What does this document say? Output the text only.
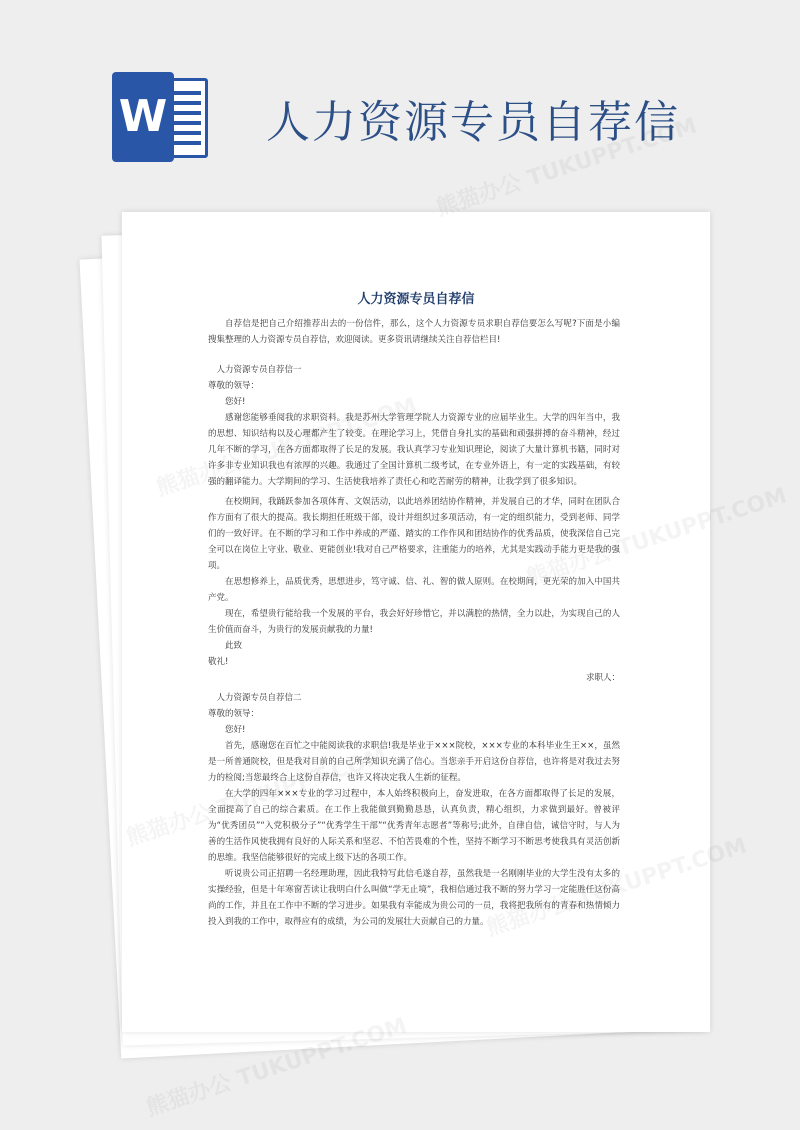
W 人力资源专员自荐信
人力资源专员自荐信

自荐信是把自己介绍推荐出去的一份信件，那么，这个人力资源专员求职自荐信要怎么写呢?下面是小编搜集整理的人力资源专员自荐信，欢迎阅读。更多资讯请继续关注自荐信栏目!

人力资源专员自荐信一

尊敬的领导：

您好!

感谢您能够垂阅我的求职资料。我是苏州大学管理学院人力资源专业的应届毕业生。大学的四年当中，我的思想、知识结构以及心理都产生了较变。在理论学习上，凭借自身扎实的基础和顽强拼搏的奋斗精神，经过几年不断的学习，在各方面都取得了长足的发展。我认真学习专业知识理论，阅读了大量计算机书籍，同时对许多非专业知识我也有浓厚的兴趣。我通过了全国计算机二级考试，在专业外语上，有一定的实践基础，有较强的翻译能力。大学期间的学习、生活使我培养了责任心和吃苦耐劳的精神，让我学到了很多知识。

在校期间，我踊跃参加各项体育、文娱活动，以此培养团结协作精神，并发展自己的才华，同时在团队合作方面有了很大的提高。我长期担任班级干部，设计并组织过多项活动，有一定的组织能力，受到老师、同学们的一致好评。在不断的学习和工作中养成的严谨、踏实的工作作风和团结协作的优秀品质，使我深信自己完全可以在岗位上守业、敬业、更能创业!我对自己严格要求，注重能力的培养，尤其是实践动手能力更是我的强项。

在思想修养上，品质优秀，思想进步，笃守诚、信、礼、智的做人原则。在校期间，更光荣的加入中国共产党。

现在，希望贵行能给我一个发展的平台，我会好好珍惜它，并以满腔的热情，全力以赴，为实现自己的人生价值而奋斗，为贵行的发展贡献我的力量!

此致

敬礼!

求职人：

人力资源专员自荐信二

尊敬的领导：

您好!

首先，感谢您在百忙之中能阅读我的求职信!我是毕业于×××院校，×××专业的本科毕业生王××，虽然是一所普通院校，但是我对目前的自己所学知识充满了信心。当您亲手开启这份自荐信，也许将是对我过去努力的检阅;当您最终合上这份自荐信，也许又将决定我人生新的征程。

在大学的四年×××专业的学习过程中，本人始终积极向上，奋发进取，在各方面都取得了长足的发展，全面提高了自己的综合素质。在工作上我能做到勤勤恳恳，认真负责，精心组织，力求做到最好。曾被评为“优秀团员”“入党积极分子”“优秀学生干部”“优秀青年志愿者”等称号;此外，自律自信，诚信守时，与人为善的生活作风使我拥有良好的人际关系和坚忍、不怕苦畏难的个性，坚持不断学习不断思考使我具有灵活创新的思维。我坚信能够很好的完成上级下达的各项工作。

听说贵公司正招聘一名经理助理，因此我特写此信毛遂自荐，虽然我是一名刚刚毕业的大学生没有太多的实操经验，但是十年寒窗苦读让我明白什么叫做“学无止境”，我相信通过我不断的努力学习一定能胜任这份高尚的工作，并且在工作中不断的学习进步。如果我有幸能成为贵公司的一员，我将把我所有的青春和热情倾力投入到我的工作中，取得应有的成绩，为公司的发展壮大贡献自己的力量。
